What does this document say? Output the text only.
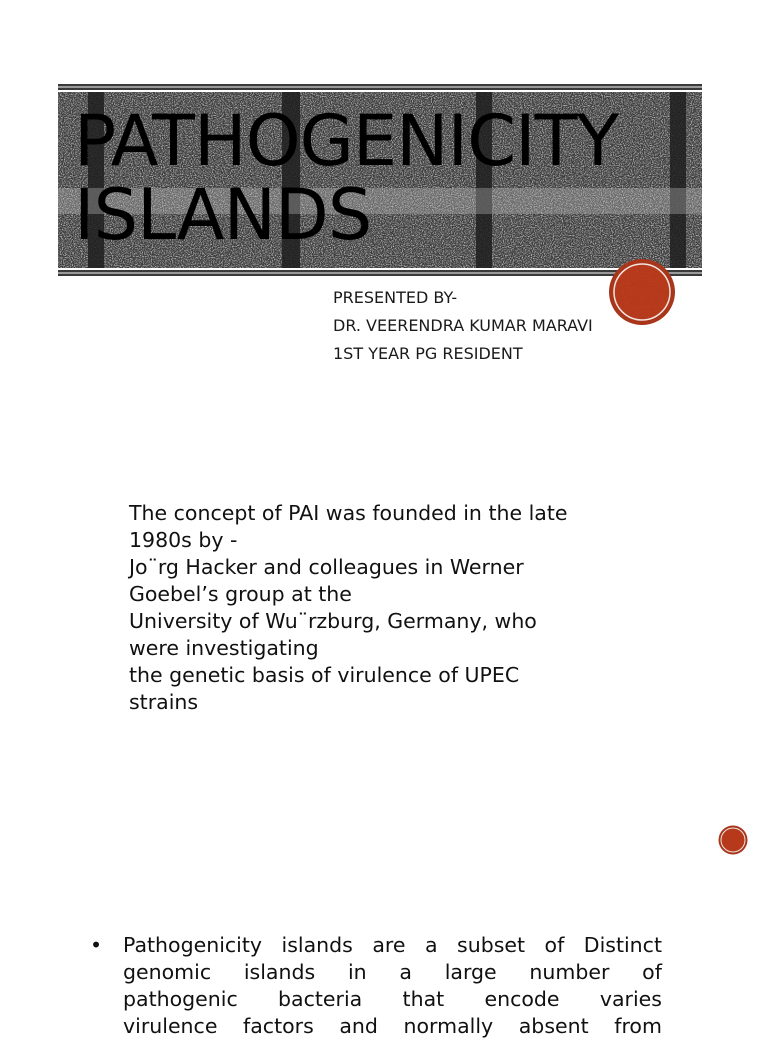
PATHOGENICITY
ISLANDS
PRESENTED BY-
DR. VEERENDRA KUMAR MARAVI
1ST YEAR PG RESIDENT
The concept of PAI was founded in the late
1980s by -
Jo¨rg Hacker and colleagues in Werner
Goebel’s group at the
University of Wu¨rzburg, Germany, who
were investigating
the genetic basis of virulence of UPEC
strains
• Pathogenicity islands are a subset of Distinct
genomic islands in a large number of
pathogenic bacteria that encode varies
virulence factors and normally absent from
